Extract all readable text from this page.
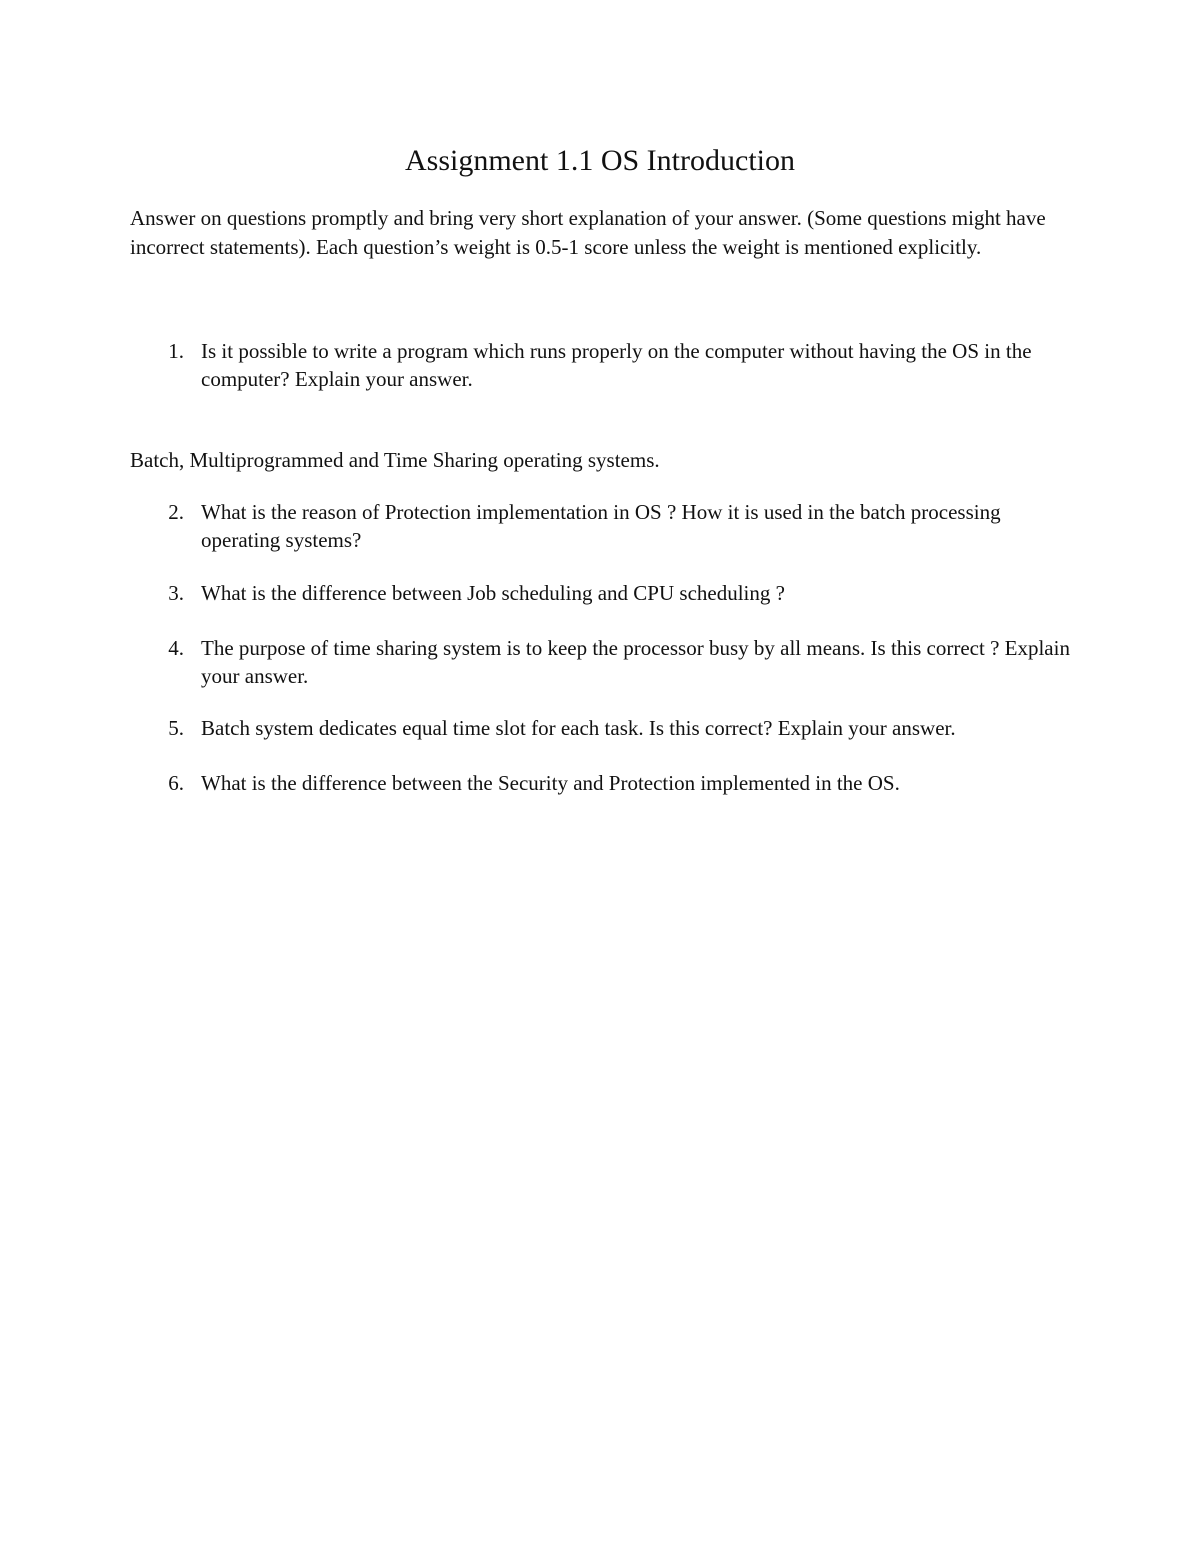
Assignment 1.1 OS Introduction

Answer on questions promptly and bring very short explanation of your answer. (Some questions might have incorrect statements). Each question’s weight is 0.5-1 score unless the weight is mentioned explicitly.

1. Is it possible to write a program which runs properly on the computer without having the OS in the computer? Explain your answer.

Batch, Multiprogrammed and Time Sharing operating systems.

2. What is the reason of Protection implementation in OS ? How it is used in the batch processing operating systems?
3. What is the difference between Job scheduling and CPU scheduling ?
4. The purpose of time sharing system is to keep the processor busy by all means. Is this correct ? Explain your answer.
5. Batch system dedicates equal time slot for each task. Is this correct? Explain your answer.
6. What is the difference between the Security and Protection implemented in the OS.
